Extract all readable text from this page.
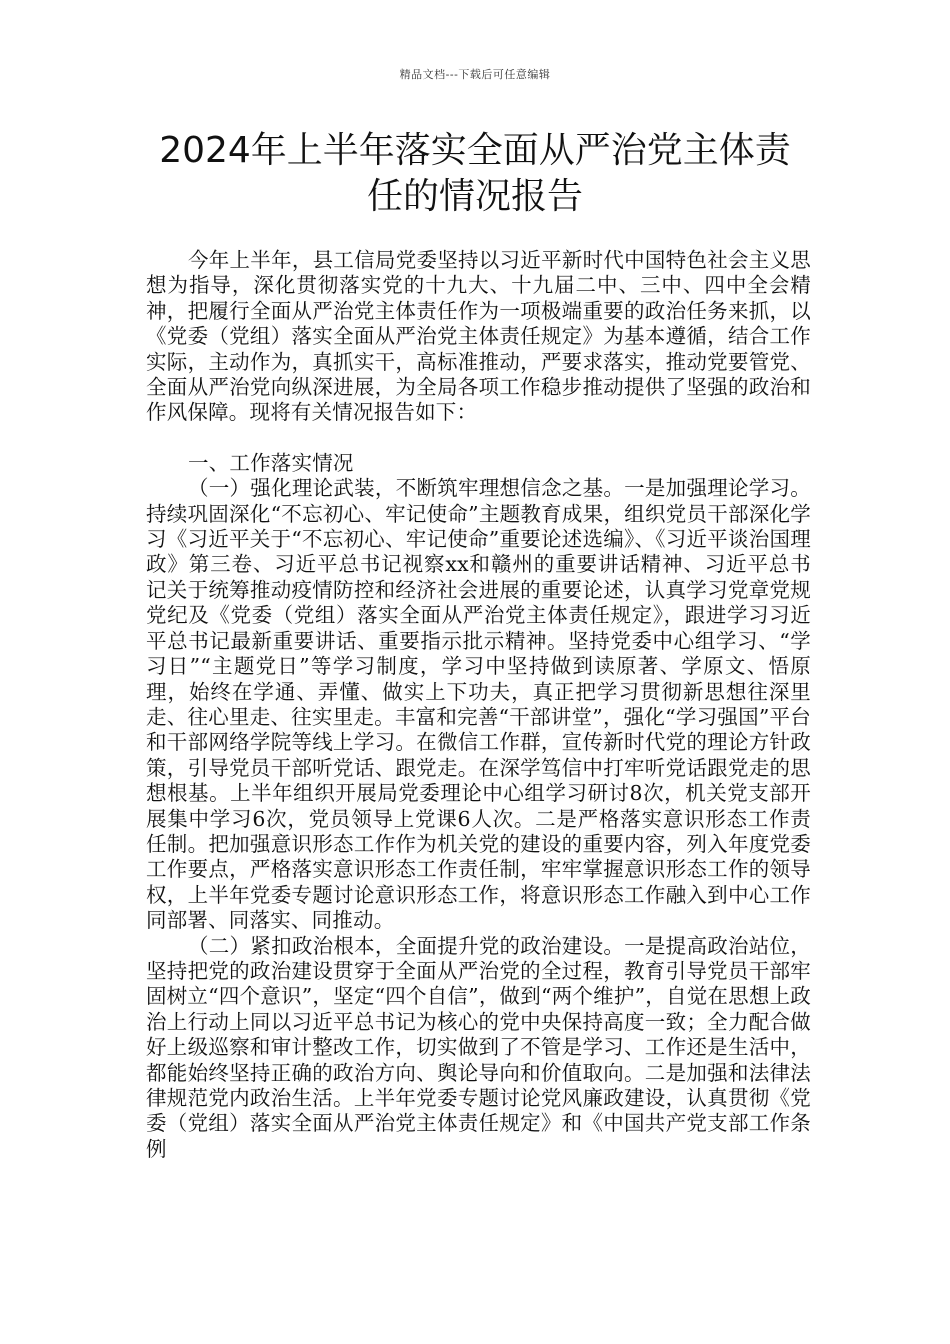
精品文档---下载后可任意编辑
2024年上半年落实全面从严治党主体责
任的情况报告

今年上半年，县工信局党委坚持以习近平新时代中国特色社会主义思想为指导，深化贯彻落实党的十九大、十九届二中、三中、四中全会精神，把履行全面从严治党主体责任作为一项极端重要的政治任务来抓，以《党委（党组）落实全面从严治党主体责任规定》为基本遵循，结合工作实际，主动作为，真抓实干，高标准推动，严要求落实，推动党要管党、全面从严治党向纵深进展，为全局各项工作稳步推动提供了坚强的政治和作风保障。现将有关情况报告如下：

一、工作落实情况

（一）强化理论武装，不断筑牢理想信念之基。一是加强理论学习。持续巩固深化“不忘初心、牢记使命”主题教育成果，组织党员干部深化学习《习近平关于“不忘初心、牢记使命”重要论述选编》、《习近平谈治国理政》第三卷、习近平总书记视察xx和赣州的重要讲话精神、习近平总书记关于统筹推动疫情防控和经济社会进展的重要论述，认真学习党章党规党纪及《党委（党组）落实全面从严治党主体责任规定》，跟进学习习近平总书记最新重要讲话、重要指示批示精神。坚持党委中心组学习、“学习日”“主题党日”等学习制度，学习中坚持做到读原著、学原文、悟原理，始终在学通、弄懂、做实上下功夫，真正把学习贯彻新思想往深里走、往心里走、往实里走。丰富和完善“干部讲堂”，强化“学习强国”平台和干部网络学院等线上学习。在微信工作群，宣传新时代党的理论方针政策，引导党员干部听党话、跟党走。在深学笃信中打牢听党话跟党走的思想根基。上半年组织开展局党委理论中心组学习研讨8次，机关党支部开展集中学习6次，党员领导上党课6人次。二是严格落实意识形态工作责任制。把加强意识形态工作作为机关党的建设的重要内容，列入年度党委工作要点，严格落实意识形态工作责任制，牢牢掌握意识形态工作的领导权，上半年党委专题讨论意识形态工作，将意识形态工作融入到中心工作同部署、同落实、同推动。

（二）紧扣政治根本，全面提升党的政治建设。一是提高政治站位，坚持把党的政治建设贯穿于全面从严治党的全过程，教育引导党员干部牢固树立“四个意识”，坚定“四个自信”，做到“两个维护”，自觉在思想上政治上行动上同以习近平总书记为核心的党中央保持高度一致；全力配合做好上级巡察和审计整改工作，切实做到了不管是学习、工作还是生活中，都能始终坚持正确的政治方向、舆论导向和价值取向。二是加强和法律法律规范党内政治生活。上半年党委专题讨论党风廉政建设，认真贯彻《党委（党组）落实全面从严治党主体责任规定》和《中国共产党支部工作条例
